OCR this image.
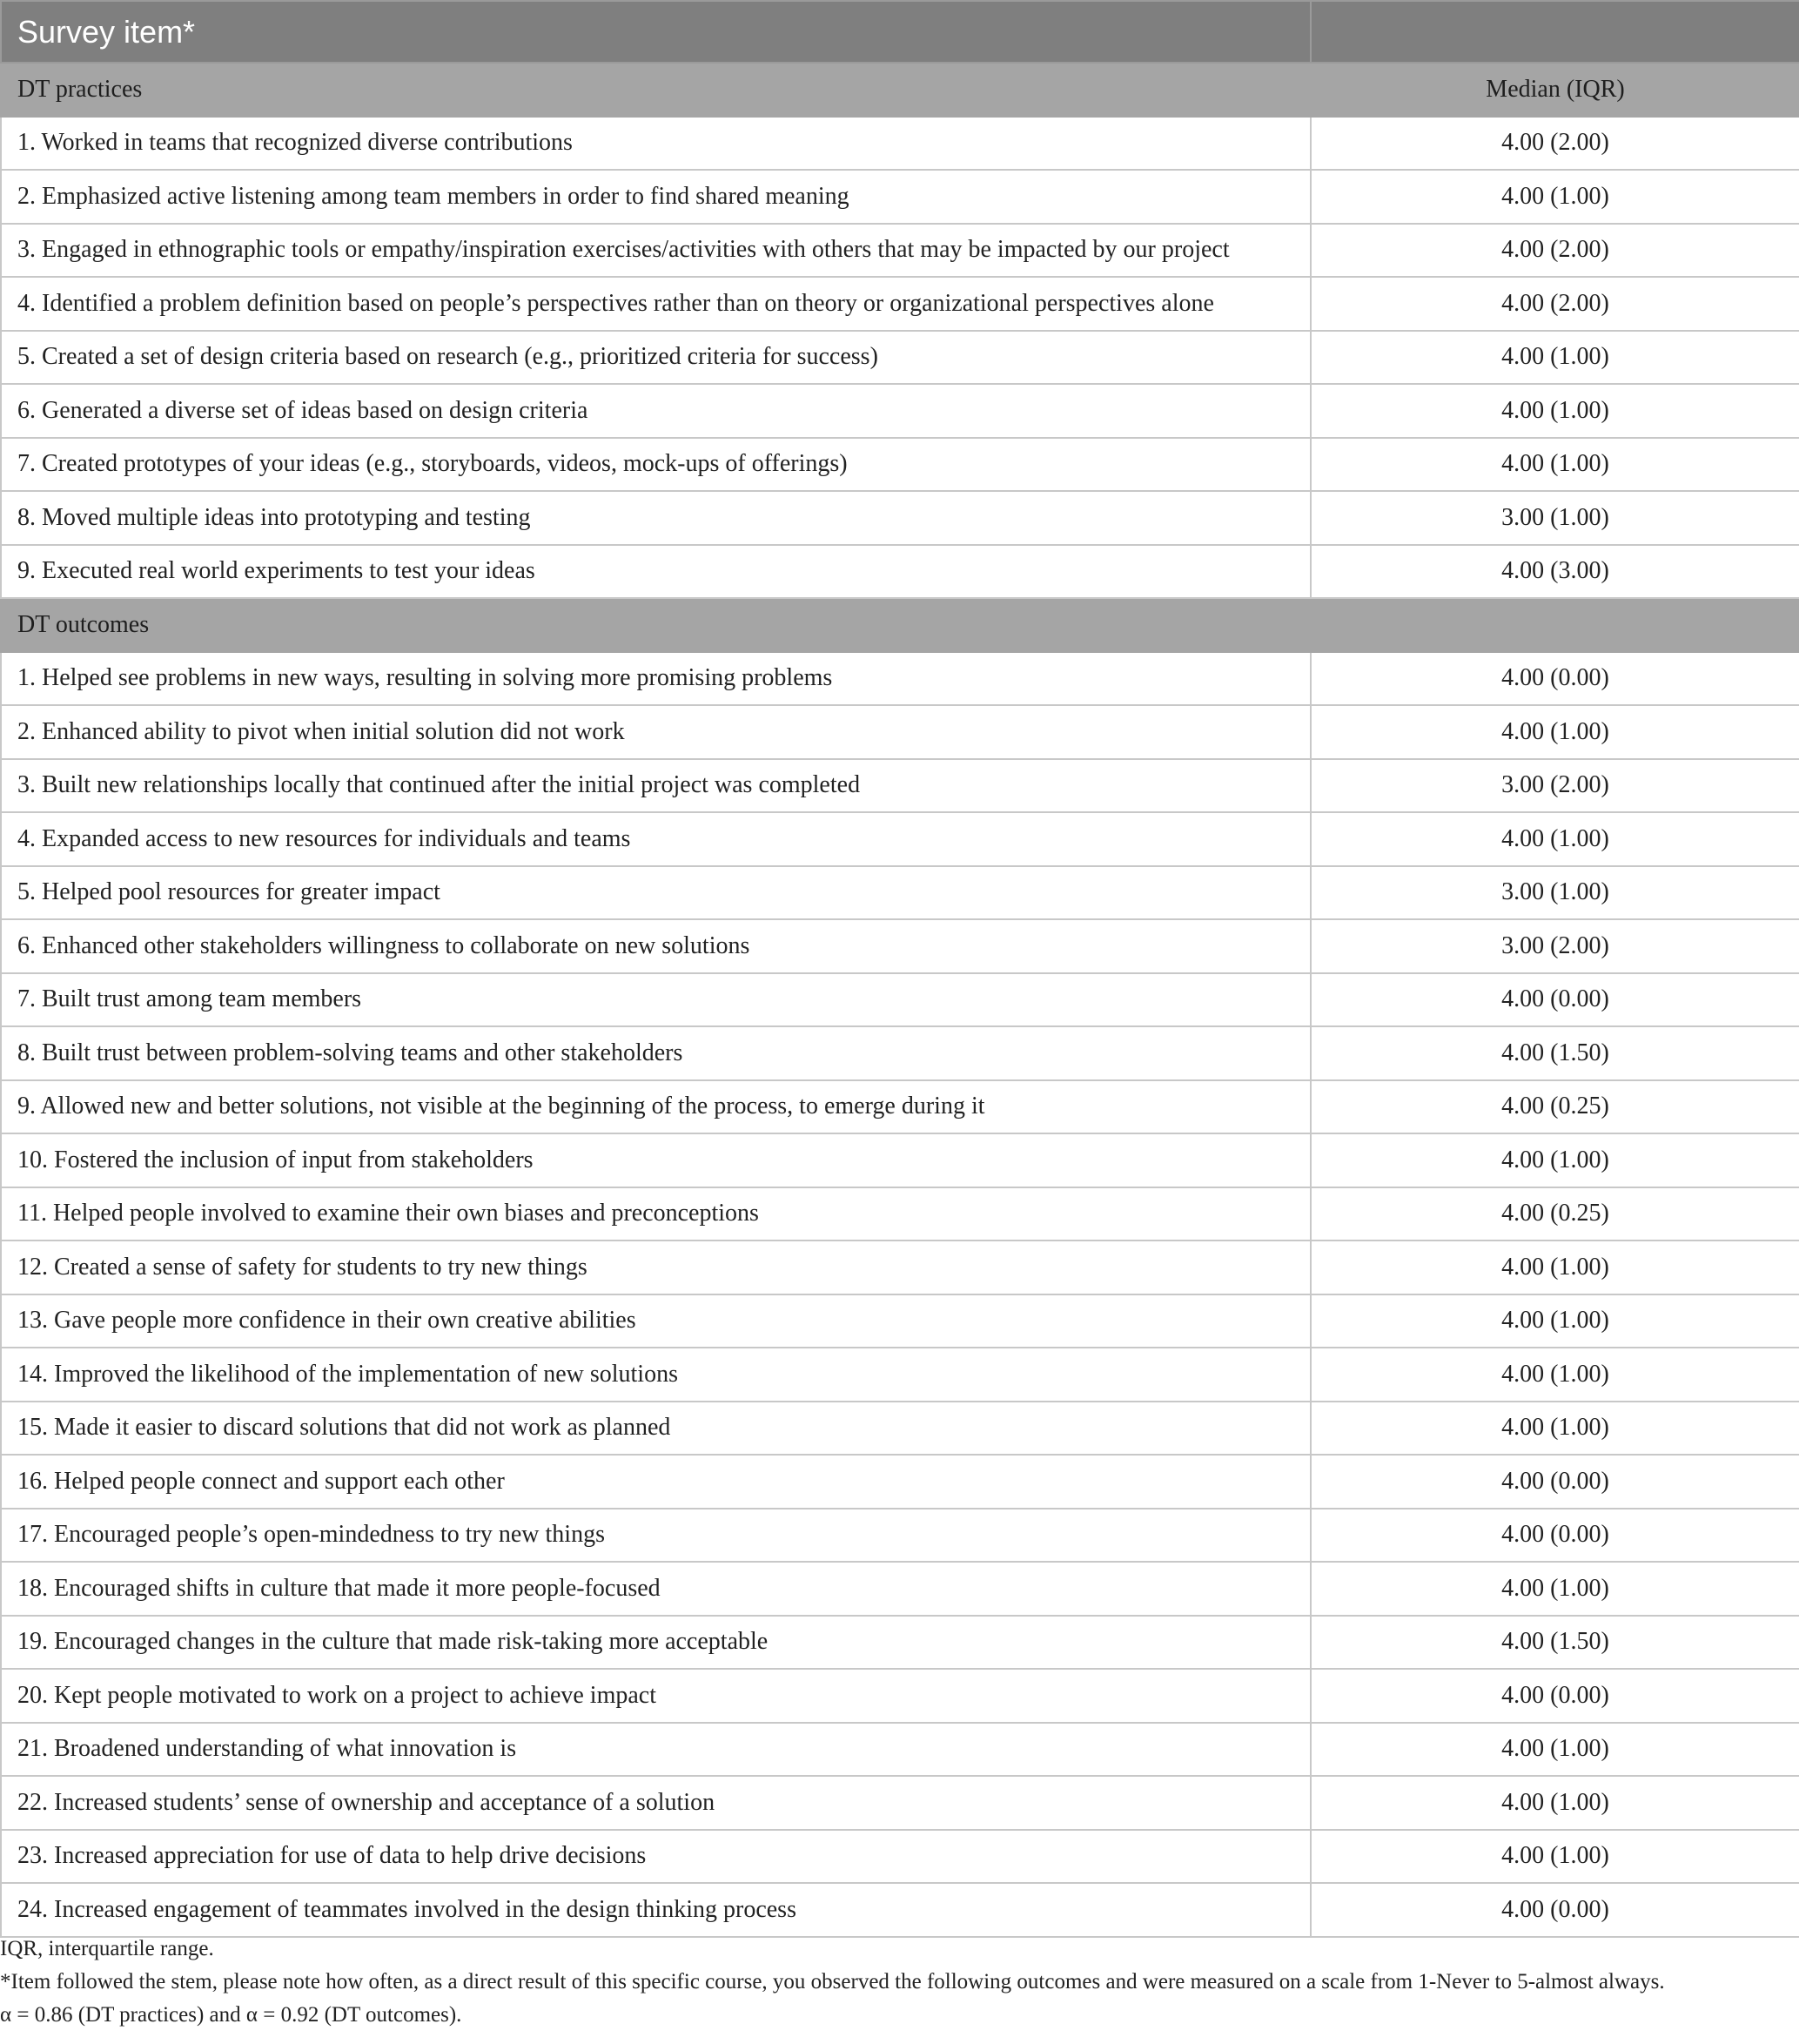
Survey item*	
DT practices	Median (IQR)
1. Worked in teams that recognized diverse contributions	4.00 (2.00)
2. Emphasized active listening among team members in order to find shared meaning	4.00 (1.00)
3. Engaged in ethnographic tools or empathy/inspiration exercises/activities with others that may be impacted by our project	4.00 (2.00)
4. Identified a problem definition based on people’s perspectives rather than on theory or organizational perspectives alone	4.00 (2.00)
5. Created a set of design criteria based on research (e.g., prioritized criteria for success)	4.00 (1.00)
6. Generated a diverse set of ideas based on design criteria	4.00 (1.00)
7. Created prototypes of your ideas (e.g., storyboards, videos, mock-ups of offerings)	4.00 (1.00)
8. Moved multiple ideas into prototyping and testing	3.00 (1.00)
9. Executed real world experiments to test your ideas	4.00 (3.00)
DT outcomes	
1. Helped see problems in new ways, resulting in solving more promising problems	4.00 (0.00)
2. Enhanced ability to pivot when initial solution did not work	4.00 (1.00)
3. Built new relationships locally that continued after the initial project was completed	3.00 (2.00)
4. Expanded access to new resources for individuals and teams	4.00 (1.00)
5. Helped pool resources for greater impact	3.00 (1.00)
6. Enhanced other stakeholders willingness to collaborate on new solutions	3.00 (2.00)
7. Built trust among team members	4.00 (0.00)
8. Built trust between problem-solving teams and other stakeholders	4.00 (1.50)
9. Allowed new and better solutions, not visible at the beginning of the process, to emerge during it	4.00 (0.25)
10. Fostered the inclusion of input from stakeholders	4.00 (1.00)
11. Helped people involved to examine their own biases and preconceptions	4.00 (0.25)
12. Created a sense of safety for students to try new things	4.00 (1.00)
13. Gave people more confidence in their own creative abilities	4.00 (1.00)
14. Improved the likelihood of the implementation of new solutions	4.00 (1.00)
15. Made it easier to discard solutions that did not work as planned	4.00 (1.00)
16. Helped people connect and support each other	4.00 (0.00)
17. Encouraged people’s open-mindedness to try new things	4.00 (0.00)
18. Encouraged shifts in culture that made it more people-focused	4.00 (1.00)
19. Encouraged changes in the culture that made risk-taking more acceptable	4.00 (1.50)
20. Kept people motivated to work on a project to achieve impact	4.00 (0.00)
21. Broadened understanding of what innovation is	4.00 (1.00)
22. Increased students’ sense of ownership and acceptance of a solution	4.00 (1.00)
23. Increased appreciation for use of data to help drive decisions	4.00 (1.00)
24. Increased engagement of teammates involved in the design thinking process	4.00 (0.00)
IQR, interquartile range.
*Item followed the stem, please note how often, as a direct result of this specific course, you observed the following outcomes and were measured on a scale from 1-Never to 5-almost always.
α = 0.86 (DT practices) and α = 0.92 (DT outcomes).
